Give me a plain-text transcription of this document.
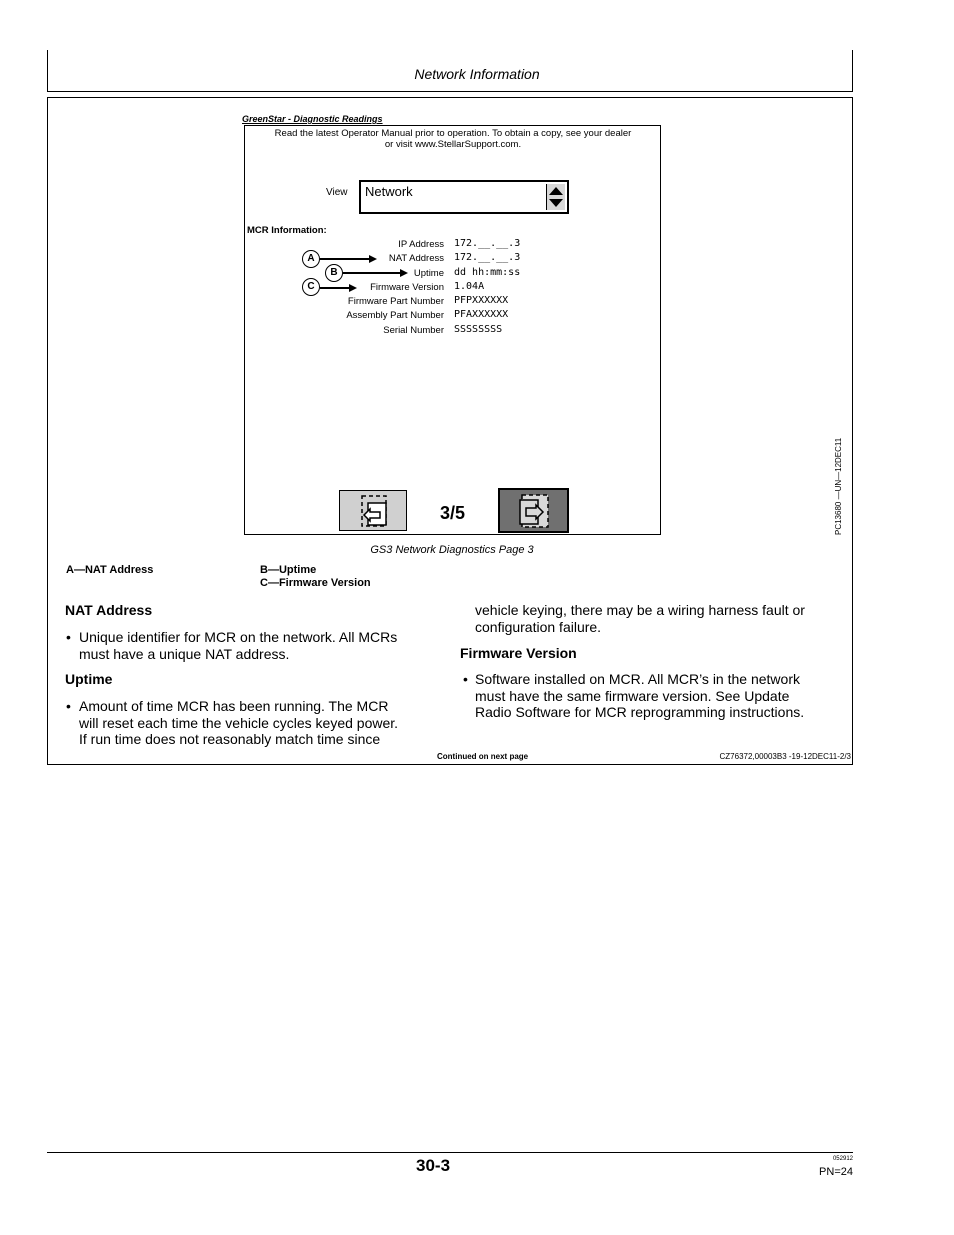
Network Information
GreenStar - Diagnostic Readings
Read the latest Operator Manual prior to operation. To obtain a copy, see your dealer
or visit www.StellarSupport.com.
View Network
MCR Information:
IP Address 172.__.__.3
NAT Address 172.__.__.3
Uptime dd hh:mm:ss
Firmware Version 1.04A
Firmware Part Number PFPXXXXXX
Assembly Part Number PFAXXXXXX
Serial Number SSSSSSSS
A
B
C
3/5	PC13680 —UN—12DEC11
GS3 Network Diagnostics Page 3
A—NAT Address	B—Uptime
C—Firmware Version
NAT Address
• Unique identifier for MCR on the network. All MCRs
must have a unique NAT address.
Uptime
• Amount of time MCR has been running. The MCR
will reset each time the vehicle cycles keyed power.
If run time does not reasonably match time since
vehicle keying, there may be a wiring harness fault or
configuration failure.
Firmware Version
• Software installed on MCR. All MCR’s in the network
must have the same firmware version. See Update
Radio Software for MCR reprogramming instructions.
Continued on next page	CZ76372,00003B3 -19-12DEC11-2/3
30-3	052912
PN=24
